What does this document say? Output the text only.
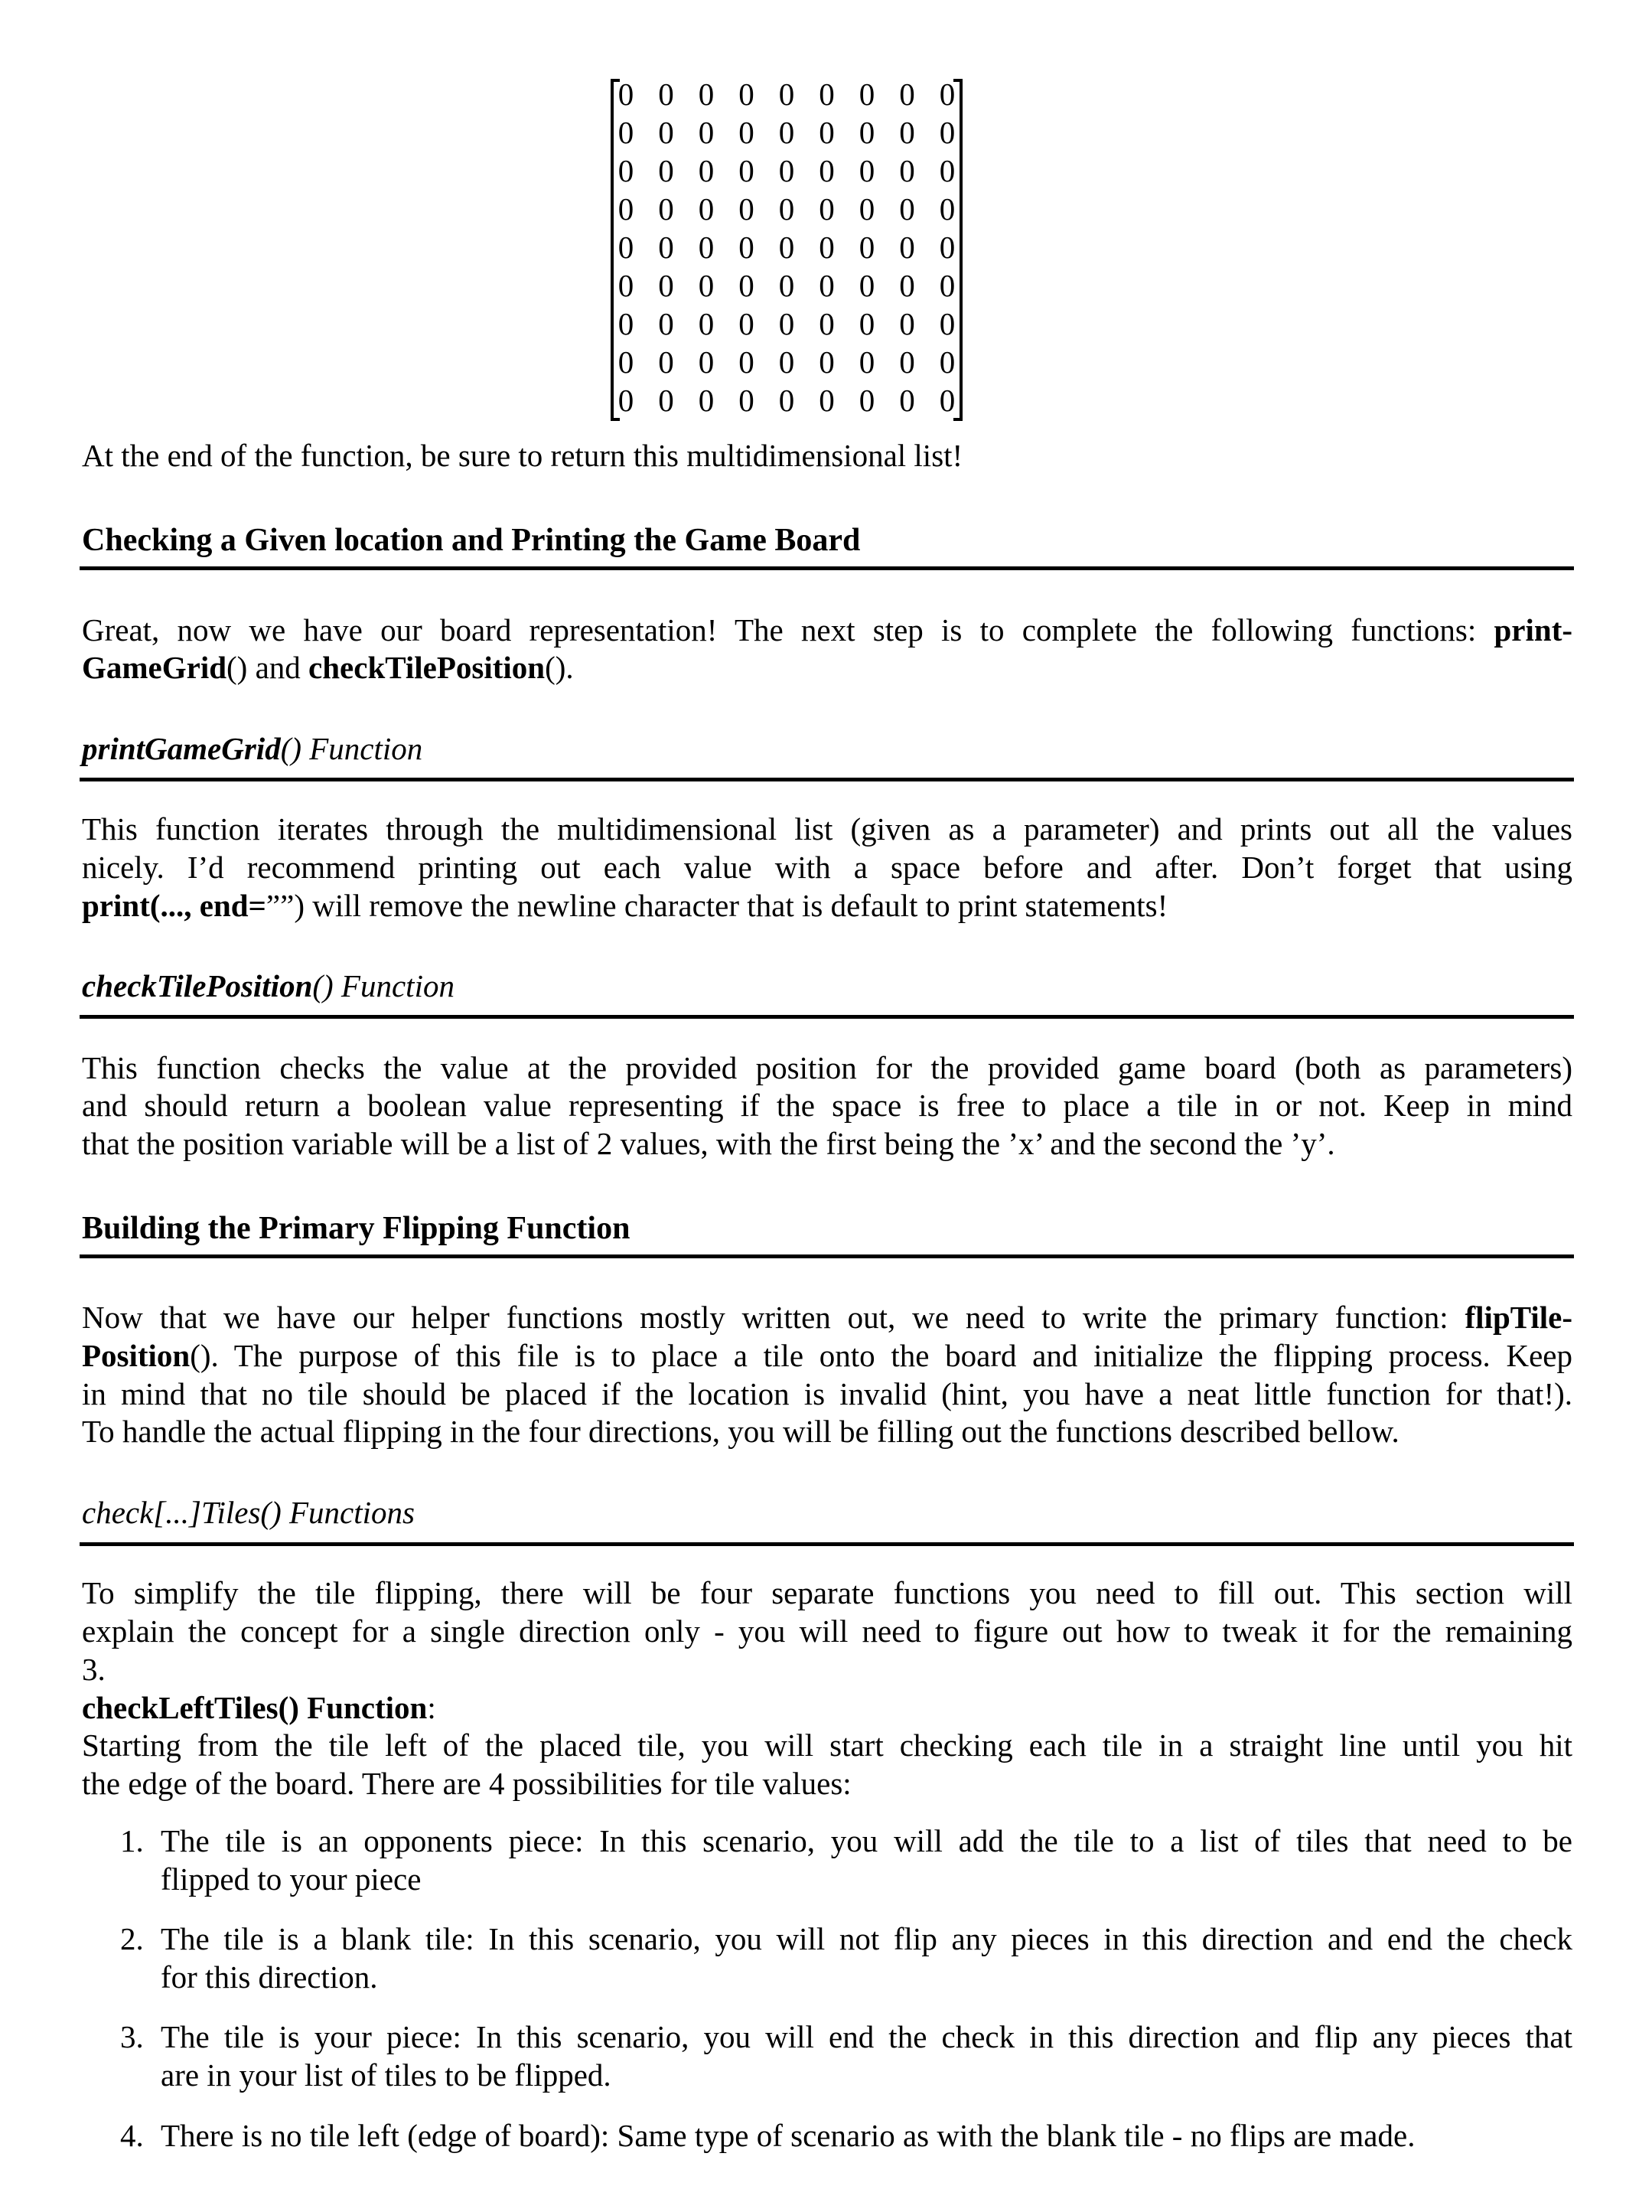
0 0 0 0 0 0 0 0 0
0 0 0 0 0 0 0 0 0
0 0 0 0 0 0 0 0 0
0 0 0 0 0 0 0 0 0
0 0 0 0 0 0 0 0 0
0 0 0 0 0 0 0 0 0
0 0 0 0 0 0 0 0 0
0 0 0 0 0 0 0 0 0
0 0 0 0 0 0 0 0 0
At the end of the function, be sure to return this multidimensional list!
Checking a Given location and Printing the Game Board
Great, now we have our board representation! The next step is to complete the following functions: print-
GameGrid() and checkTilePosition().
printGameGrid() Function
This function iterates through the multidimensional list (given as a parameter) and prints out all the values
nicely. I’d recommend printing out each value with a space before and after. Don’t forget that using
print(..., end=””) will remove the newline character that is default to print statements!
checkTilePosition() Function
This function checks the value at the provided position for the provided game board (both as parameters)
and should return a boolean value representing if the space is free to place a tile in or not. Keep in mind
that the position variable will be a list of 2 values, with the first being the ’x’ and the second the ’y’.
Building the Primary Flipping Function
Now that we have our helper functions mostly written out, we need to write the primary function: flipTile-
Position(). The purpose of this file is to place a tile onto the board and initialize the flipping process. Keep
in mind that no tile should be placed if the location is invalid (hint, you have a neat little function for that!).
To handle the actual flipping in the four directions, you will be filling out the functions described bellow.
check[...]Tiles() Functions
To simplify the tile flipping, there will be four separate functions you need to fill out. This section will
explain the concept for a single direction only - you will need to figure out how to tweak it for the remaining
3.
checkLeftTiles() Function:
Starting from the tile left of the placed tile, you will start checking each tile in a straight line until you hit
the edge of the board. There are 4 possibilities for tile values:
1. The tile is an opponents piece: In this scenario, you will add the tile to a list of tiles that need to be
flipped to your piece
2. The tile is a blank tile: In this scenario, you will not flip any pieces in this direction and end the check
for this direction.
3. The tile is your piece: In this scenario, you will end the check in this direction and flip any pieces that
are in your list of tiles to be flipped.
4. There is no tile left (edge of board): Same type of scenario as with the blank tile - no flips are made.
